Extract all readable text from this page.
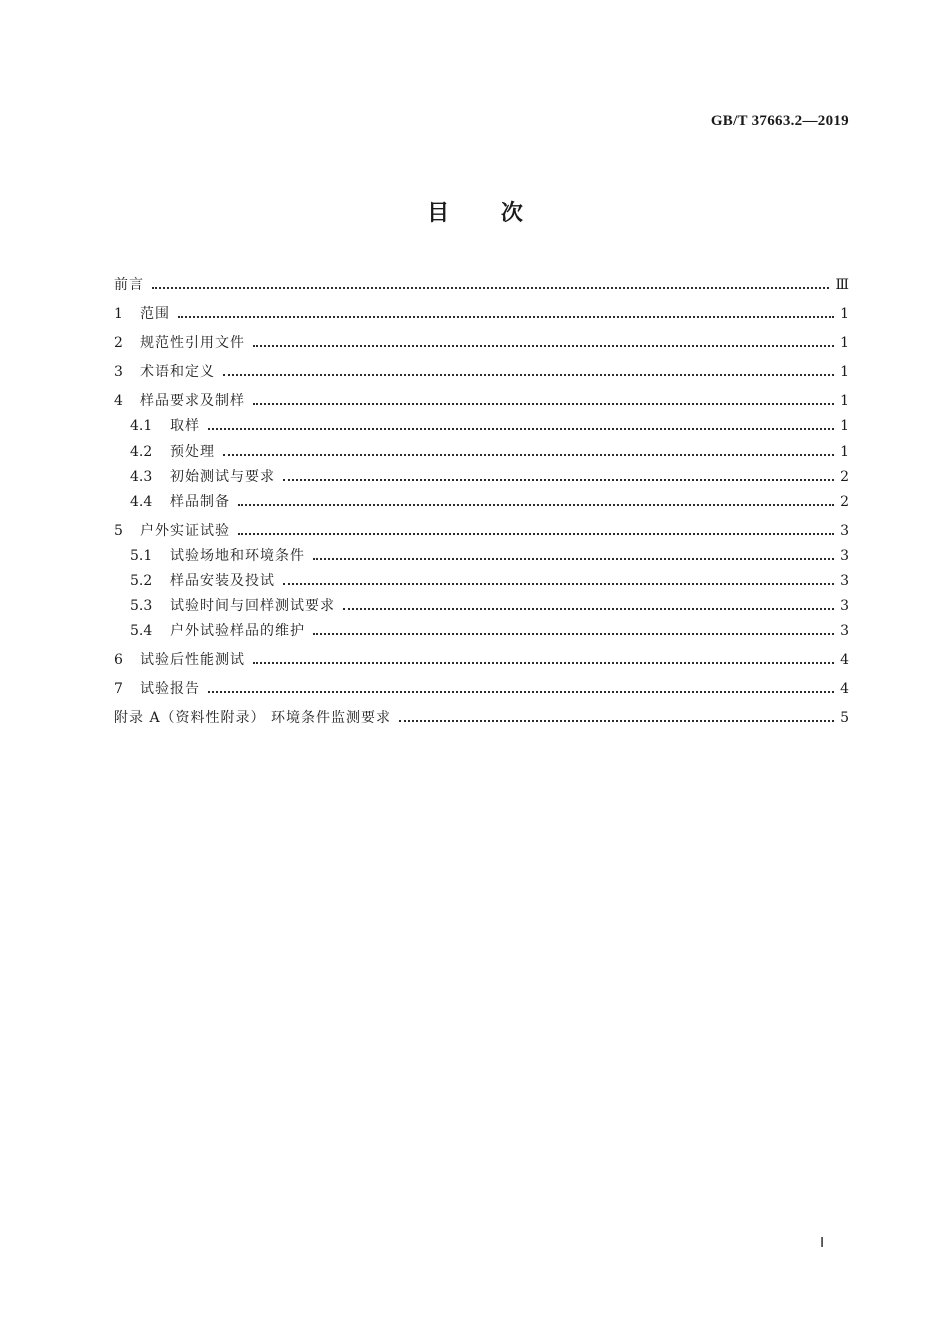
GB/T 37663.2—2019
目 次
前言	Ⅲ
1	范围	1
2	规范性引用文件	1
3	术语和定义	1
4	样品要求及制样	1
4.1	取样	1
4.2	预处理	1
4.3	初始测试与要求	2
4.4	样品制备	2
5	户外实证试验	3
5.1	试验场地和环境条件	3
5.2	样品安装及投试	3
5.3	试验时间与回样测试要求	3
5.4	户外试验样品的维护	3
6	试验后性能测试	4
7	试验报告	4
附录 A（资料性附录） 环境条件监测要求	5
Ⅰ
